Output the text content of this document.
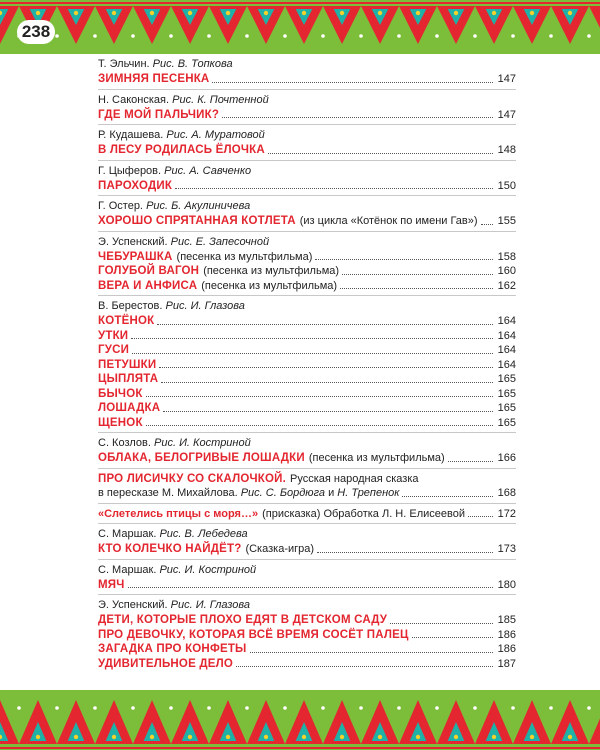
238
Т. Эльчин. Рис. В. Топкова
ЗИМНЯЯ ПЕСЕНКА	147
Н. Саконская. Рис. К. Почтенной
ГДЕ МОЙ ПАЛЬЧИК?	147
Р. Кудашева. Рис. А. Муратовой
В ЛЕСУ РОДИЛАСЬ ЁЛОЧКА	148
Г. Цыферов. Рис. А. Савченко
ПАРОХОДИК	150
Г. Остер. Рис. Б. Акулиничева
ХОРОШО СПРЯТАННАЯ КОТЛЕТА (из цикла «Котёнок по имени Гав») 155
Э. Успенский. Рис. Е. Запесочной
ЧЕБУРАШКА (песенка из мультфильма)	158
ГОЛУБОЙ ВАГОН (песенка из мультфильма)	160
ВЕРА И АНФИСА (песенка из мультфильма)	162
В. Берестов. Рис. И. Глазова
КОТЁНОК	164
УТКИ	164
ГУСИ	164
ПЕТУШКИ	164
ЦЫПЛЯТА	165
БЫЧОК	165
ЛОШАДКА	165
ЩЕНОК	165
С. Козлов. Рис. И. Костриной
ОБЛАКА, БЕЛОГРИВЫЕ ЛОШАДКИ (песенка из мультфильма)	166
ПРО ЛИСИЧКУ СО СКАЛОЧКОЙ. Русская народная сказка
в пересказе М. Михайлова. Рис. С. Бордюга и Н. Трепенок	168
«Слетелись птицы с моря…» (присказка) Обработка Л. Н. Елисеевой	172
С. Маршак. Рис. В. Лебедева
КТО КОЛЕЧКО НАЙДЁТ? (Сказка-игра)	173
С. Маршак. Рис. И. Костриной
МЯЧ	180
Э. Успенский. Рис. И. Глазова
ДЕТИ, КОТОРЫЕ ПЛОХО ЕДЯТ В ДЕТСКОМ САДУ	185
ПРО ДЕВОЧКУ, КОТОРАЯ ВСЁ ВРЕМЯ СОСЁТ ПАЛЕЦ	186
ЗАГАДКА ПРО КОНФЕТЫ	186
УДИВИТЕЛЬНОЕ ДЕЛО	187
